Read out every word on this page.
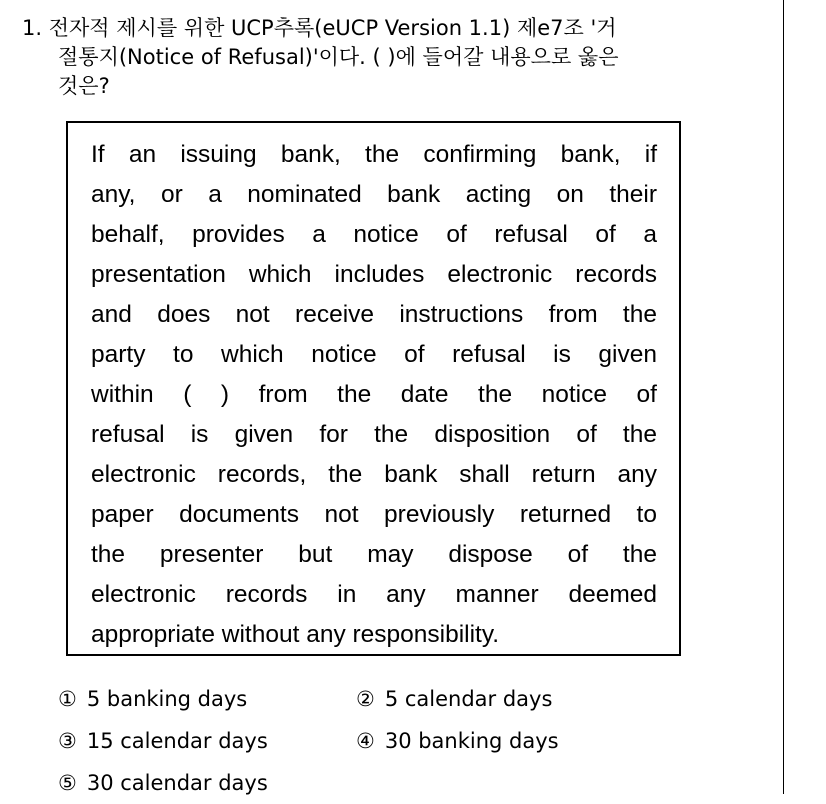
1. 전자적 제시를 위한 UCP추록(eUCP Version 1.1) 제e7조 '거
절통지(Notice of Refusal)'이다. ( )에 들어갈 내용으로 옳은
것은?
If an issuing bank, the confirming bank, if
any, or a nominated bank acting on their
behalf, provides a notice of refusal of a
presentation which includes electronic records
and does not receive instructions from the
party to which notice of refusal is given
within ( ) from the date the notice of
refusal is given for the disposition of the
electronic records, the bank shall return any
paper documents not previously returned to
the presenter but may dispose of the
electronic records in any manner deemed
appropriate without any responsibility.
① 5 banking days	② 5 calendar days
③ 15 calendar days	④ 30 banking days
⑤ 30 calendar days
